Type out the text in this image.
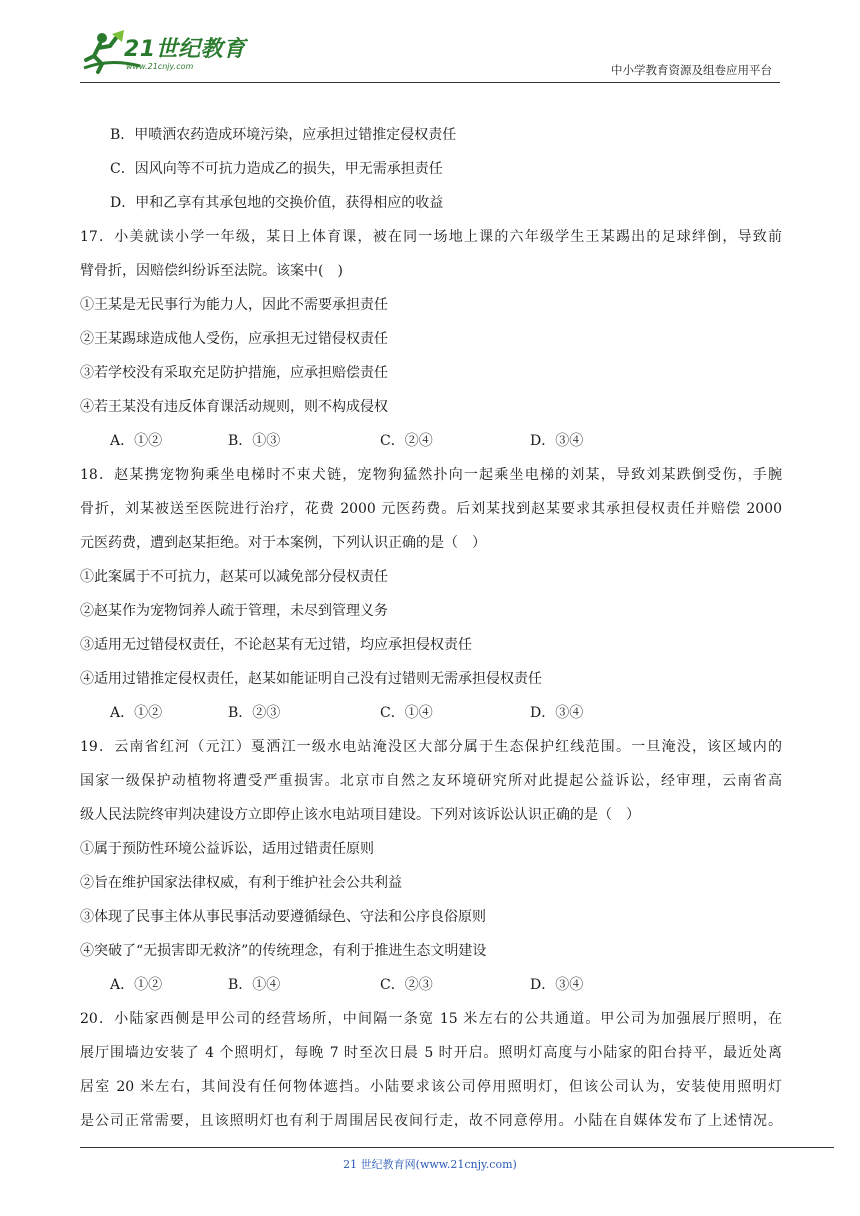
21世纪教育
www.21cnjy.com	中小学教育资源及组卷应用平台
B．甲喷洒农药造成环境污染，应承担过错推定侵权责任
C．因风向等不可抗力造成乙的损失，甲无需承担责任
D．甲和乙享有其承包地的交换价值，获得相应的收益
17．小美就读小学一年级，某日上体育课，被在同一场地上课的六年级学生王某踢出的足球绊倒，导致前
臂骨折，因赔偿纠纷诉至法院。该案中(　)
①王某是无民事行为能力人，因此不需要承担责任
②王某踢球造成他人受伤，应承担无过错侵权责任
③若学校没有采取充足防护措施，应承担赔偿责任
④若王某没有违反体育课活动规则，则不构成侵权
A．①②	B．①③	C．②④	D．③④
18．赵某携宠物狗乘坐电梯时不束犬链，宠物狗猛然扑向一起乘坐电梯的刘某，导致刘某跌倒受伤，手腕
骨折，刘某被送至医院进行治疗，花费 2000 元医药费。后刘某找到赵某要求其承担侵权责任并赔偿 2000
元医药费，遭到赵某拒绝。对于本案例，下列认识正确的是（　）
①此案属于不可抗力，赵某可以减免部分侵权责任
②赵某作为宠物饲养人疏于管理，未尽到管理义务
③适用无过错侵权责任，不论赵某有无过错，均应承担侵权责任
④适用过错推定侵权责任，赵某如能证明自己没有过错则无需承担侵权责任
A．①②	B．②③	C．①④	D．③④
19．云南省红河（元江）戛洒江一级水电站淹没区大部分属于生态保护红线范围。一旦淹没，该区域内的
国家一级保护动植物将遭受严重损害。北京市自然之友环境研究所对此提起公益诉讼，经审理，云南省高
级人民法院终审判决建设方立即停止该水电站项目建设。下列对该诉讼认识正确的是（　）
①属于预防性环境公益诉讼，适用过错责任原则
②旨在维护国家法律权威，有利于维护社会公共利益
③体现了民事主体从事民事活动要遵循绿色、守法和公序良俗原则
④突破了“无损害即无救济”的传统理念，有利于推进生态文明建设
A．①②	B．①④	C．②③	D．③④
20．小陆家西侧是甲公司的经营场所，中间隔一条宽 15 米左右的公共通道。甲公司为加强展厅照明，在
展厅围墙边安装了 4 个照明灯，每晚 7 时至次日晨 5 时开启。照明灯高度与小陆家的阳台持平，最近处离
居室 20 米左右，其间没有任何物体遮挡。小陆要求该公司停用照明灯，但该公司认为，安装使用照明灯
是公司正常需要，且该照明灯也有利于周围居民夜间行走，故不同意停用。小陆在自媒体发布了上述情况。
21 世纪教育网(www.21cnjy.com)
